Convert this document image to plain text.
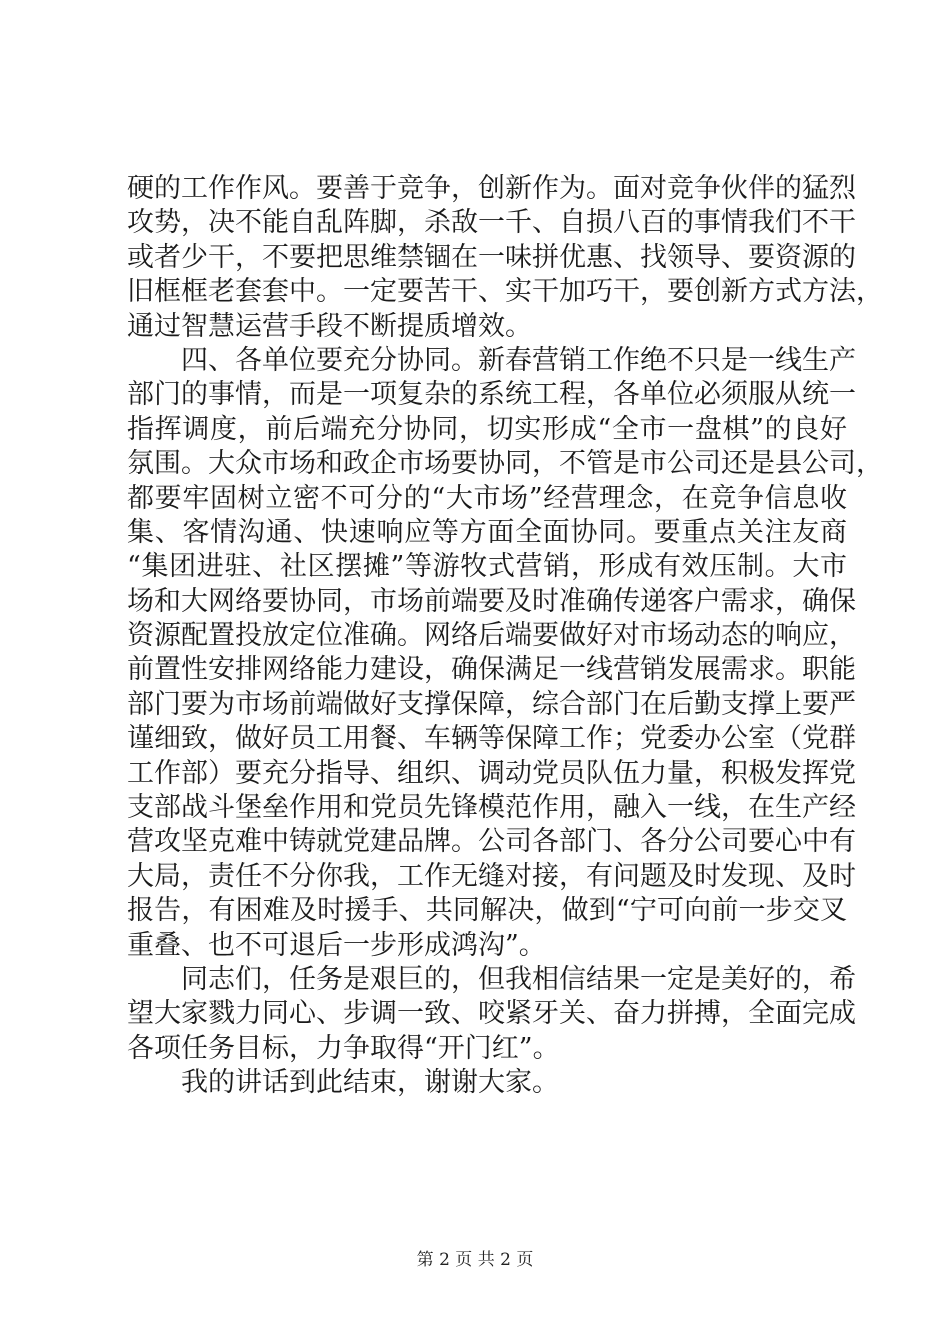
硬的工作作风。要善于竞争，创新作为。面对竞争伙伴的猛烈
攻势，决不能自乱阵脚，杀敌一千、自损八百的事情我们不干
或者少干，不要把思维禁锢在一味拼优惠、找领导、要资源的
旧框框老套套中。一定要苦干、实干加巧干，要创新方式方法，
通过智慧运营手段不断提质增效。
四、各单位要充分协同。新春营销工作绝不只是一线生产
部门的事情，而是一项复杂的系统工程，各单位必须服从统一
指挥调度，前后端充分协同，切实形成“全市一盘棋”的良好
氛围。大众市场和政企市场要协同，不管是市公司还是县公司，
都要牢固树立密不可分的“大市场”经营理念，在竞争信息收
集、客情沟通、快速响应等方面全面协同。要重点关注友商
“集团进驻、社区摆摊”等游牧式营销，形成有效压制。大市
场和大网络要协同，市场前端要及时准确传递客户需求，确保
资源配置投放定位准确。网络后端要做好对市场动态的响应，
前置性安排网络能力建设，确保满足一线营销发展需求。职能
部门要为市场前端做好支撑保障，综合部门在后勤支撑上要严
谨细致，做好员工用餐、车辆等保障工作；党委办公室（党群
工作部）要充分指导、组织、调动党员队伍力量，积极发挥党
支部战斗堡垒作用和党员先锋模范作用，融入一线，在生产经
营攻坚克难中铸就党建品牌。公司各部门、各分公司要心中有
大局，责任不分你我，工作无缝对接，有问题及时发现、及时
报告，有困难及时援手、共同解决，做到“宁可向前一步交叉
重叠、也不可退后一步形成鸿沟”。
同志们，任务是艰巨的，但我相信结果一定是美好的，希
望大家戮力同心、步调一致、咬紧牙关、奋力拼搏，全面完成
各项任务目标，力争取得“开门红”。
我的讲话到此结束，谢谢大家。
第 2 页 共 2 页
